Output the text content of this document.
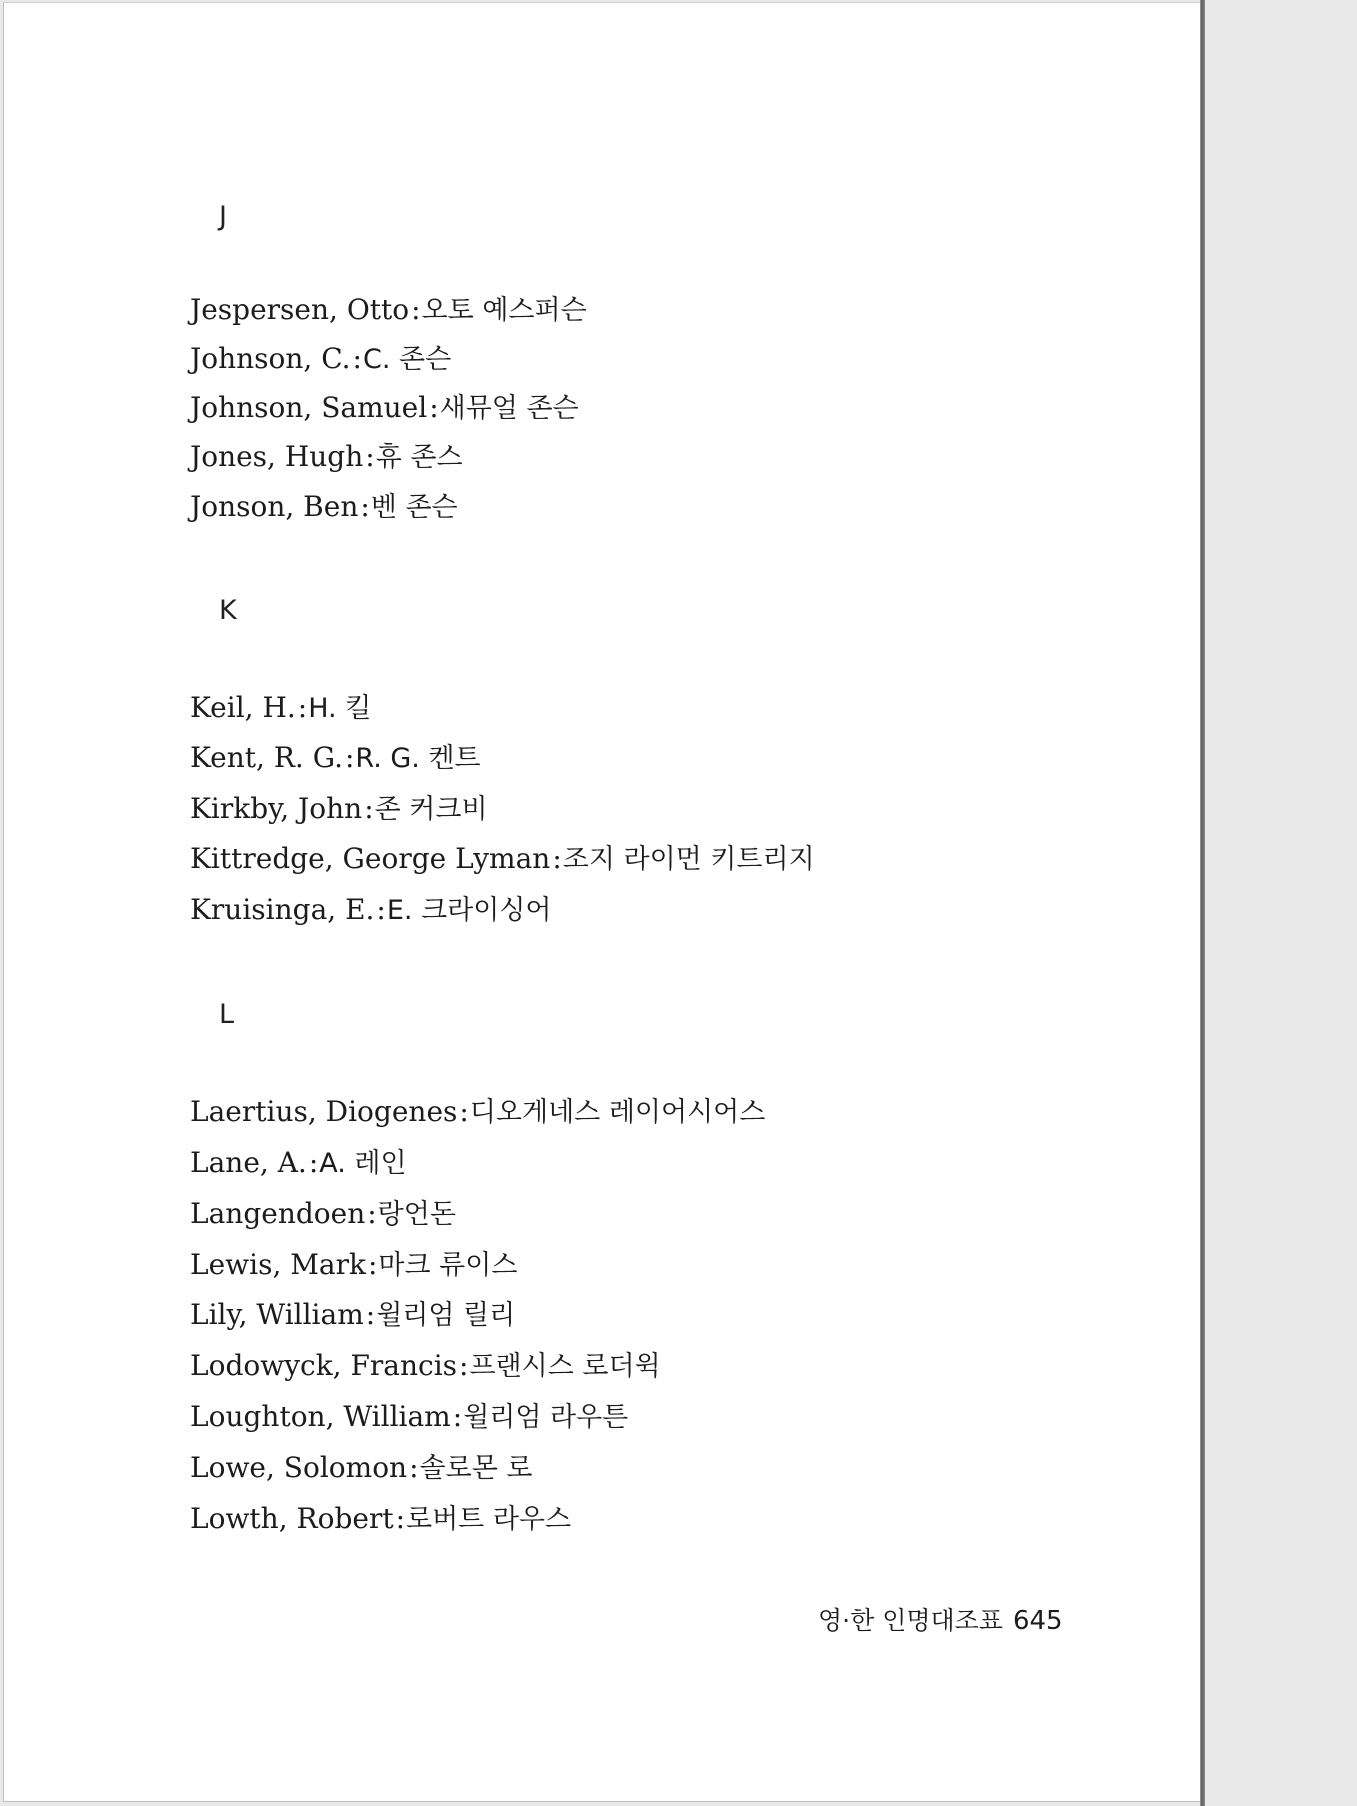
J
Jespersen, Otto:오토 예스퍼슨
Johnson, C.:C. 존슨
Johnson, Samuel:새뮤얼 존슨
Jones, Hugh:휴 존스
Jonson, Ben:벤 존슨
K
Keil, H.:H. 킬
Kent, R. G.:R. G. 켄트
Kirkby, John:존 커크비
Kittredge, George Lyman:조지 라이먼 키트리지
Kruisinga, E.:E. 크라이싱어
L
Laertius, Diogenes:디오게네스 레이어시어스
Lane, A.:A. 레인
Langendoen:랑언돈
Lewis, Mark:마크 류이스
Lily, William:윌리엄 릴리
Lodowyck, Francis:프랜시스 로더윅
Loughton, William:윌리엄 라우튼
Lowe, Solomon:솔로몬 로
Lowth, Robert:로버트 라우스
영·한 인명대조표 645
